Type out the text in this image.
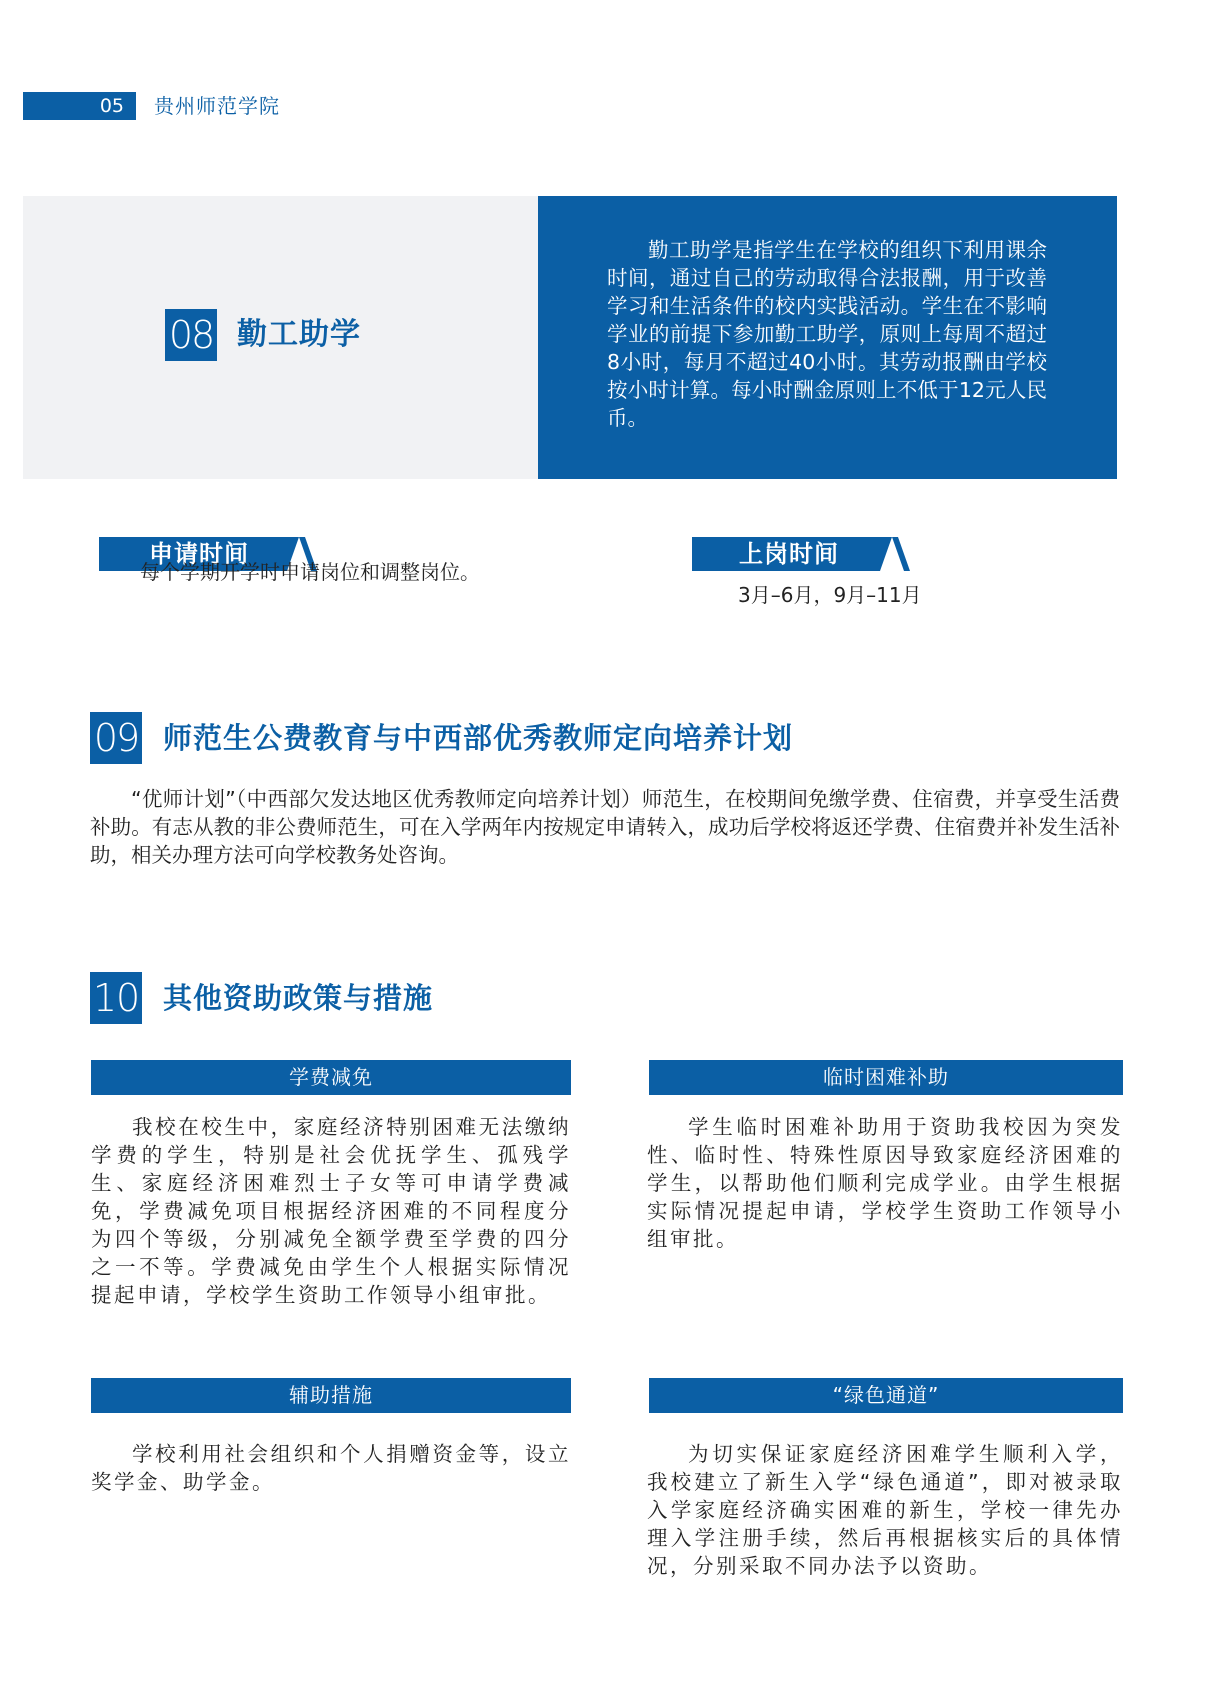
05	贵州师范学院
08 勤工助学
勤工助学是指学生在学校的组织下利用课余时间，通过自己的劳动取得合法报酬，用于改善学习和生活条件的校内实践活动。学生在不影响学业的前提下参加勤工助学，原则上每周不超过8小时，每月不超过40小时。其劳动报酬由学校按小时计算。每小时酬金原则上不低于12元人民币。
申请时间
每个学期开学时申请岗位和调整岗位。
上岗时间
3月–6月，9月–11月
09 师范生公费教育与中西部优秀教师定向培养计划
“优师计划”（中西部欠发达地区优秀教师定向培养计划）师范生，在校期间免缴学费、住宿费，并享受生活费补助。有志从教的非公费师范生，可在入学两年内按规定申请转入，成功后学校将返还学费、住宿费并补发生活补助，相关办理方法可向学校教务处咨询。
10 其他资助政策与措施
学费减免
我校在校生中，家庭经济特别困难无法缴纳学费的学生，特别是社会优抚学生、孤残学生、家庭经济困难烈士子女等可申请学费减免，学费减免项目根据经济困难的不同程度分为四个等级，分别减免全额学费至学费的四分之一不等。学费减免由学生个人根据实际情况提起申请，学校学生资助工作领导小组审批。
临时困难补助
学生临时困难补助用于资助我校因为突发性、临时性、特殊性原因导致家庭经济困难的学生，以帮助他们顺利完成学业。由学生根据实际情况提起申请，学校学生资助工作领导小组审批。
辅助措施
学校利用社会组织和个人捐赠资金等，设立奖学金、助学金。
“绿色通道”
为切实保证家庭经济困难学生顺利入学，我校建立了新生入学“绿色通道”，即对被录取入学家庭经济确实困难的新生，学校一律先办理入学注册手续，然后再根据核实后的具体情况，分别采取不同办法予以资助。
